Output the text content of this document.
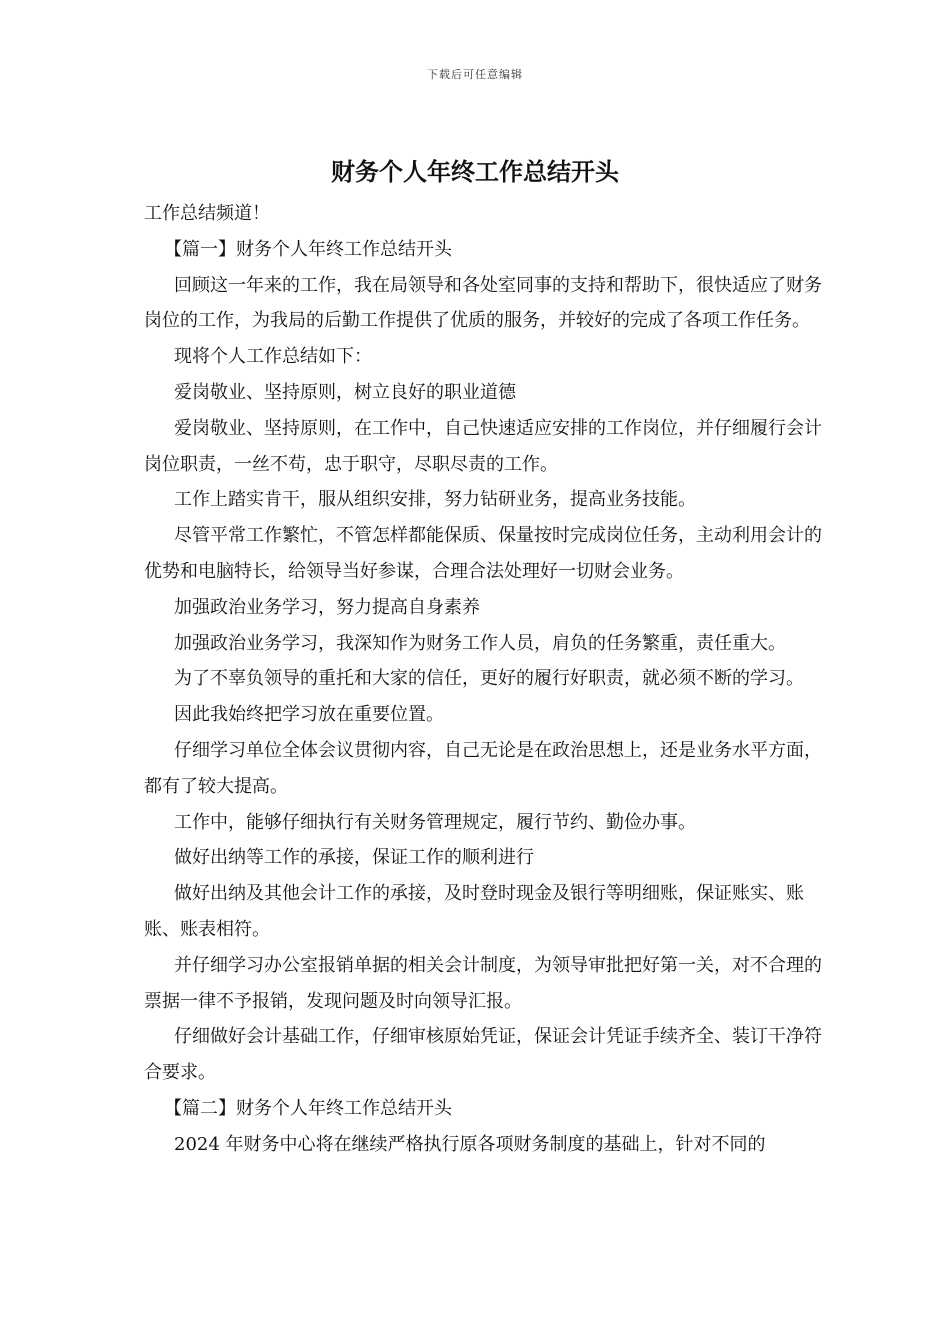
下载后可任意编辑
财务个人年终工作总结开头

工作总结频道！

【篇一】财务个人年终工作总结开头

回顾这一年来的工作，我在局领导和各处室同事的支持和帮助下，很快适应了财务岗位的工作，为我局的后勤工作提供了优质的服务，并较好的完成了各项工作任务。

现将个人工作总结如下：

爱岗敬业、坚持原则，树立良好的职业道德

爱岗敬业、坚持原则，在工作中，自己快速适应安排的工作岗位，并仔细履行会计岗位职责，一丝不苟，忠于职守，尽职尽责的工作。

工作上踏实肯干，服从组织安排，努力钻研业务，提高业务技能。

尽管平常工作繁忙，不管怎样都能保质、保量按时完成岗位任务，主动利用会计的优势和电脑特长，给领导当好参谋，合理合法处理好一切财会业务。

加强政治业务学习，努力提高自身素养

加强政治业务学习，我深知作为财务工作人员，肩负的任务繁重，责任重大。

为了不辜负领导的重托和大家的信任，更好的履行好职责，就必须不断的学习。

因此我始终把学习放在重要位置。

仔细学习单位全体会议贯彻内容，自己无论是在政治思想上，还是业务水平方面，都有了较大提高。

工作中，能够仔细执行有关财务管理规定，履行节约、勤俭办事。

做好出纳等工作的承接，保证工作的顺利进行

做好出纳及其他会计工作的承接，及时登时现金及银行等明细账，保证账实、账账、账表相符。

并仔细学习办公室报销单据的相关会计制度，为领导审批把好第一关，对不合理的票据一律不予报销，发现问题及时向领导汇报。

仔细做好会计基础工作，仔细审核原始凭证，保证会计凭证手续齐全、装订干净符合要求。

【篇二】财务个人年终工作总结开头

2024 年财务中心将在继续严格执行原各项财务制度的基础上，针对不同的
